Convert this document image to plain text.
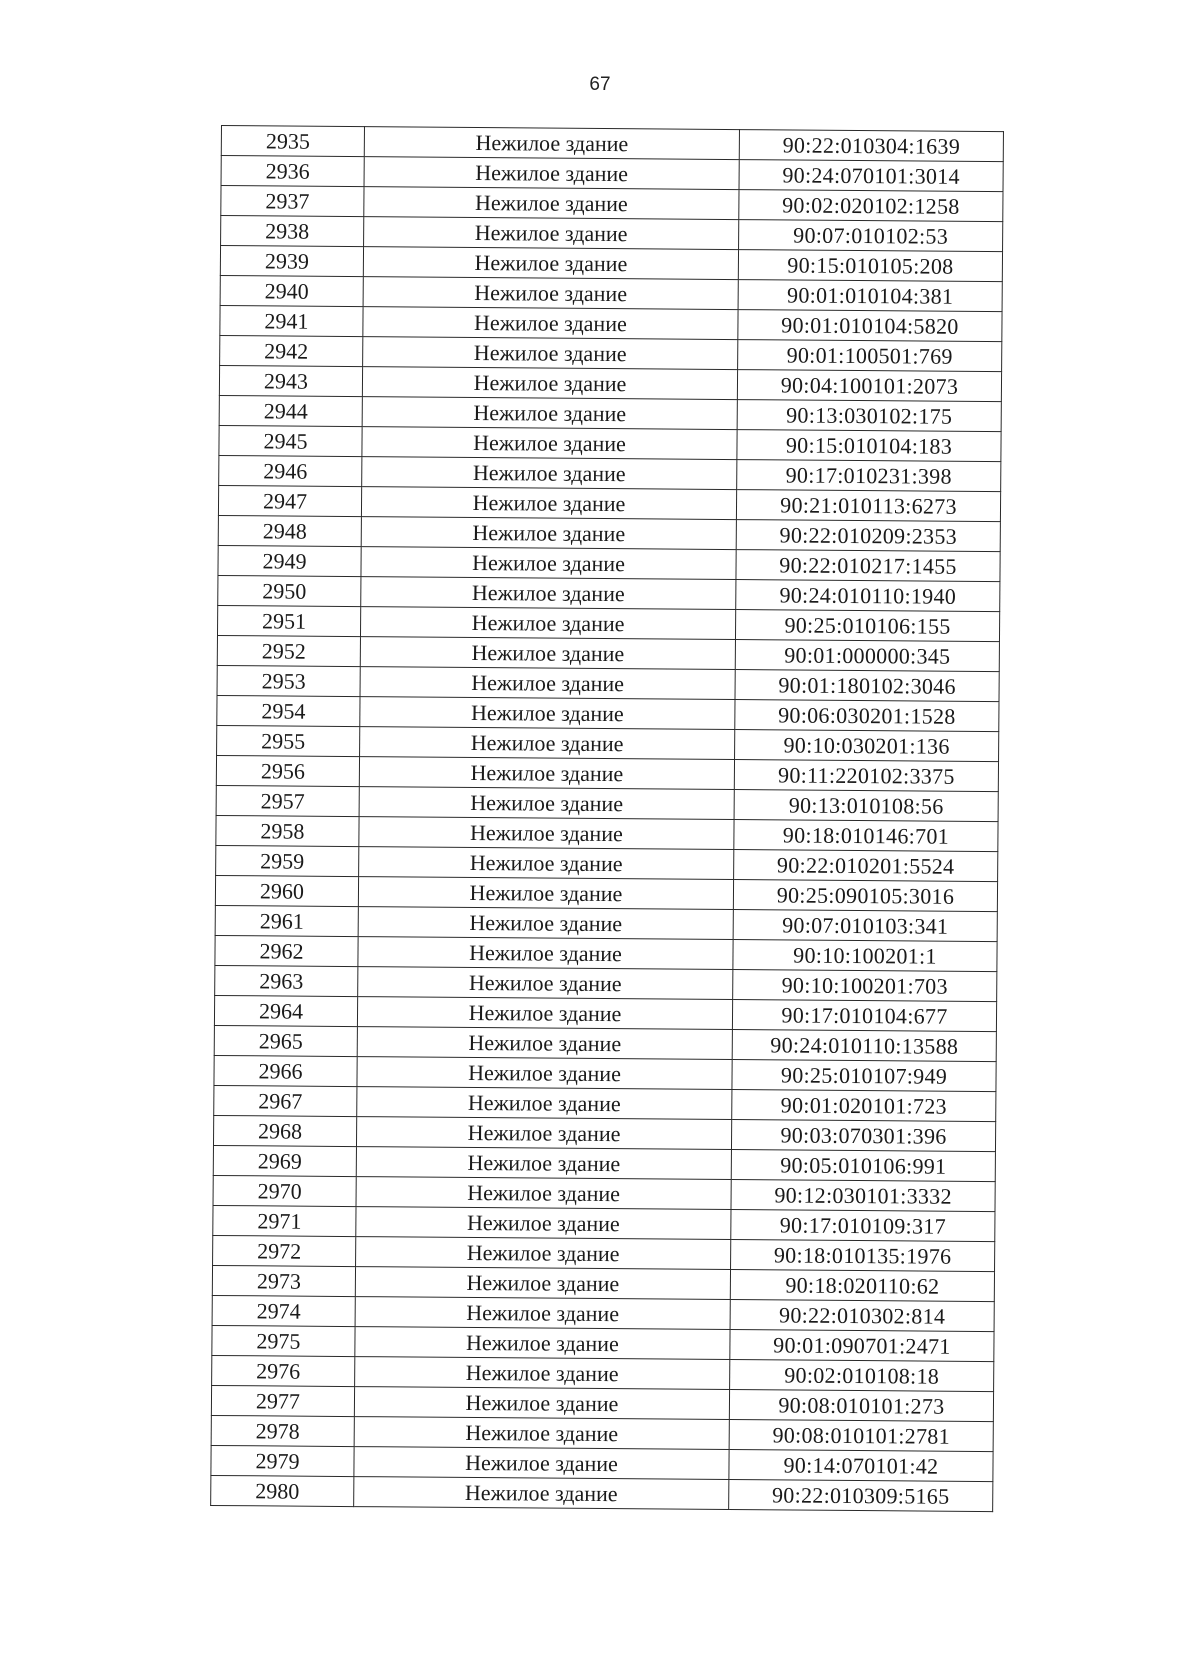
67
2935	Нежилое здание	90:22:010304:1639
2936	Нежилое здание	90:24:070101:3014
2937	Нежилое здание	90:02:020102:1258
2938	Нежилое здание	90:07:010102:53
2939	Нежилое здание	90:15:010105:208
2940	Нежилое здание	90:01:010104:381
2941	Нежилое здание	90:01:010104:5820
2942	Нежилое здание	90:01:100501:769
2943	Нежилое здание	90:04:100101:2073
2944	Нежилое здание	90:13:030102:175
2945	Нежилое здание	90:15:010104:183
2946	Нежилое здание	90:17:010231:398
2947	Нежилое здание	90:21:010113:6273
2948	Нежилое здание	90:22:010209:2353
2949	Нежилое здание	90:22:010217:1455
2950	Нежилое здание	90:24:010110:1940
2951	Нежилое здание	90:25:010106:155
2952	Нежилое здание	90:01:000000:345
2953	Нежилое здание	90:01:180102:3046
2954	Нежилое здание	90:06:030201:1528
2955	Нежилое здание	90:10:030201:136
2956	Нежилое здание	90:11:220102:3375
2957	Нежилое здание	90:13:010108:56
2958	Нежилое здание	90:18:010146:701
2959	Нежилое здание	90:22:010201:5524
2960	Нежилое здание	90:25:090105:3016
2961	Нежилое здание	90:07:010103:341
2962	Нежилое здание	90:10:100201:1
2963	Нежилое здание	90:10:100201:703
2964	Нежилое здание	90:17:010104:677
2965	Нежилое здание	90:24:010110:13588
2966	Нежилое здание	90:25:010107:949
2967	Нежилое здание	90:01:020101:723
2968	Нежилое здание	90:03:070301:396
2969	Нежилое здание	90:05:010106:991
2970	Нежилое здание	90:12:030101:3332
2971	Нежилое здание	90:17:010109:317
2972	Нежилое здание	90:18:010135:1976
2973	Нежилое здание	90:18:020110:62
2974	Нежилое здание	90:22:010302:814
2975	Нежилое здание	90:01:090701:2471
2976	Нежилое здание	90:02:010108:18
2977	Нежилое здание	90:08:010101:273
2978	Нежилое здание	90:08:010101:2781
2979	Нежилое здание	90:14:070101:42
2980	Нежилое здание	90:22:010309:5165
